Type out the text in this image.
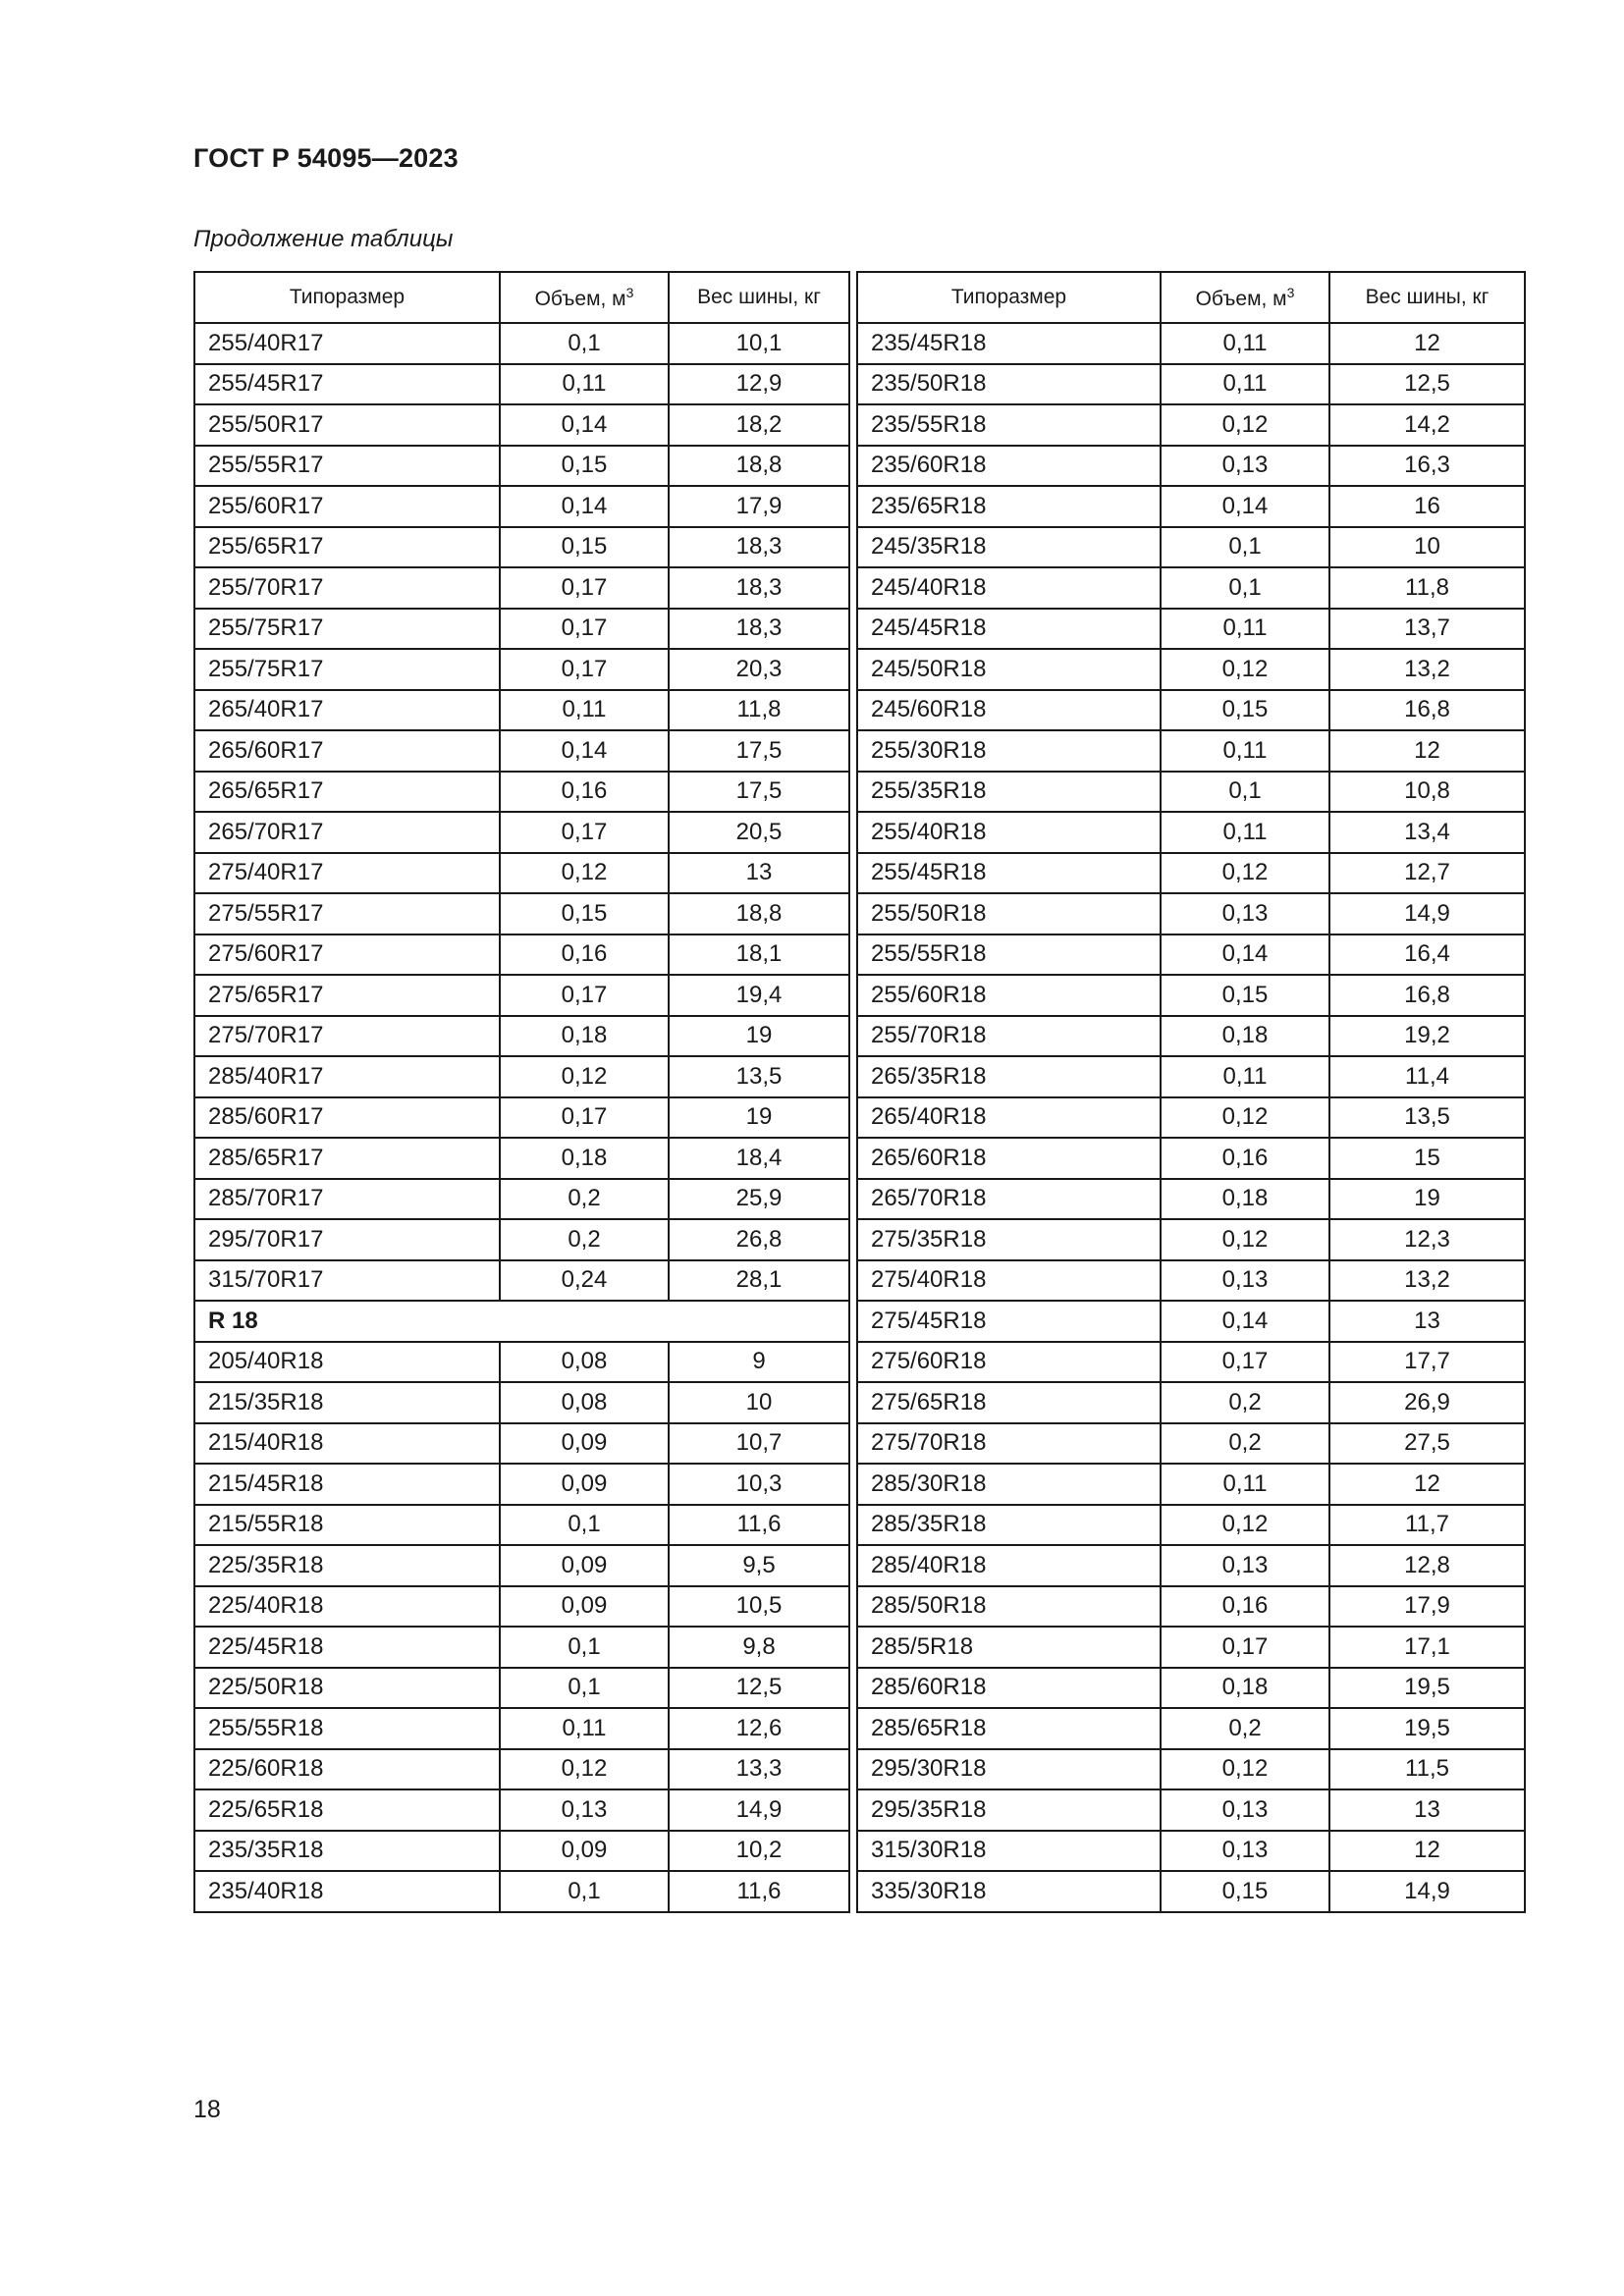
ГОСТ Р 54095—2023
Продолжение таблицы
Типоразмер	Объем, $м^3$	Вес шины, кг
255/40R17	0,1	10,1
255/45R17	0,11	12,9
255/50R17	0,14	18,2
255/55R17	0,15	18,8
255/60R17	0,14	17,9
255/65R17	0,15	18,3
255/70R17	0,17	18,3
255/75R17	0,17	18,3
255/75R17	0,17	20,3
265/40R17	0,11	11,8
265/60R17	0,14	17,5
265/65R17	0,16	17,5
265/70R17	0,17	20,5
275/40R17	0,12	13
275/55R17	0,15	18,8
275/60R17	0,16	18,1
275/65R17	0,17	19,4
275/70R17	0,18	19
285/40R17	0,12	13,5
285/60R17	0,17	19
285/65R17	0,18	18,4
285/70R17	0,2	25,9
295/70R17	0,2	26,8
315/70R17	0,24	28,1
R 18		
205/40R18	0,08	9
215/35R18	0,08	10
215/40R18	0,09	10,7
215/45R18	0,09	10,3
215/55R18	0,1	11,6
225/35R18	0,09	9,5
225/40R18	0,09	10,5
225/45R18	0,1	9,8
225/50R18	0,1	12,5
255/55R18	0,11	12,6
225/60R18	0,12	13,3
225/65R18	0,13	14,9
235/35R18	0,09	10,2
235/40R18	0,1	11,6
Типоразмер	Объем, $м^3$	Вес шины, кг
235/45R18	0,11	12
235/50R18	0,11	12,5
235/55R18	0,12	14,2
235/60R18	0,13	16,3
235/65R18	0,14	16
245/35R18	0,1	10
245/40R18	0,1	11,8
245/45R18	0,11	13,7
245/50R18	0,12	13,2
245/60R18	0,15	16,8
255/30R18	0,11	12
255/35R18	0,1	10,8
255/40R18	0,11	13,4
255/45R18	0,12	12,7
255/50R18	0,13	14,9
255/55R18	0,14	16,4
255/60R18	0,15	16,8
255/70R18	0,18	19,2
265/35R18	0,11	11,4
265/40R18	0,12	13,5
265/60R18	0,16	15
265/70R18	0,18	19
275/35R18	0,12	12,3
275/40R18	0,13	13,2
275/45R18	0,14	13
275/60R18	0,17	17,7
275/65R18	0,2	26,9
275/70R18	0,2	27,5
285/30R18	0,11	12
285/35R18	0,12	11,7
285/40R18	0,13	12,8
285/50R18	0,16	17,9
285/5R18	0,17	17,1
285/60R18	0,18	19,5
285/65R18	0,2	19,5
295/30R18	0,12	11,5
295/35R18	0,13	13
315/30R18	0,13	12
335/30R18	0,15	14,9
18
